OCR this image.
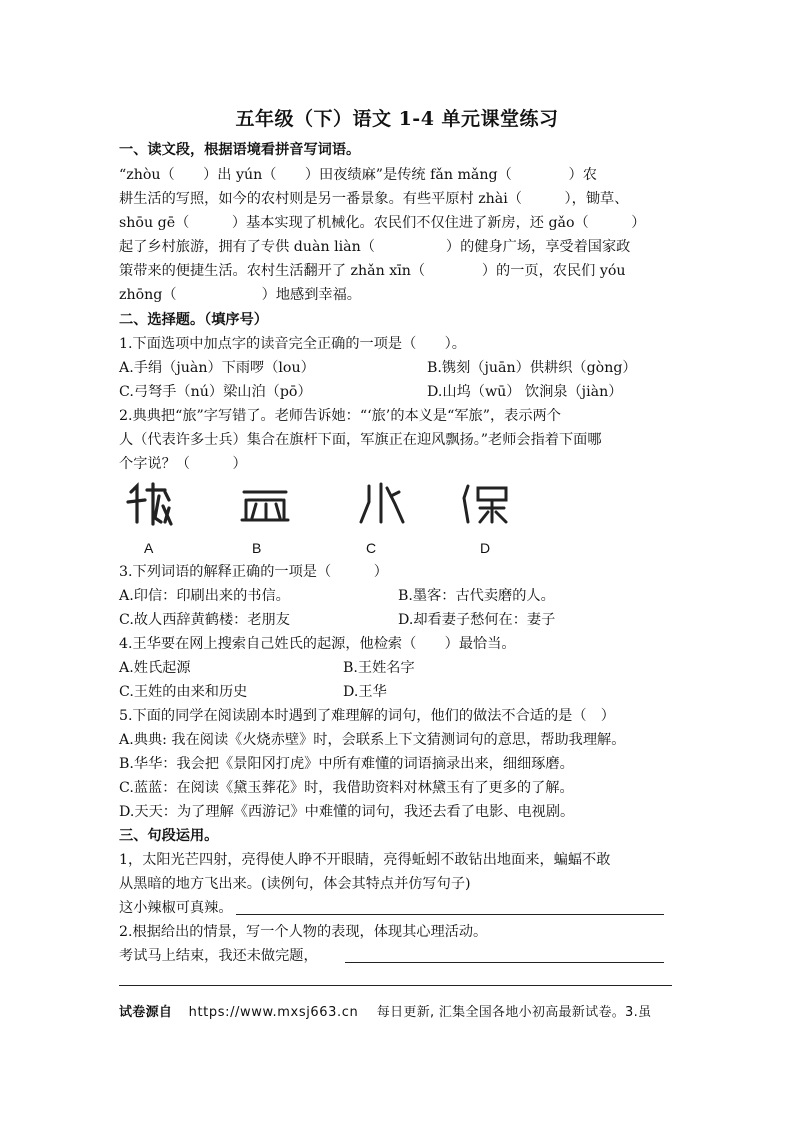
五年级（下）语文 1-4 单元课堂练习
一、读文段，根据语境看拼音写词语。
“zhòu（　　）出 yún（　　）田夜绩麻”是传统 fǎn mǎng（　　　　）农
耕生活的写照，如今的农村则是另一番景象。有些平原村 zhài（　　　），锄草、
shōu gē（　　　）基本实现了机械化。农民们不仅住进了新房，还 gǎo（　　　）
起了乡村旅游，拥有了专供 duàn liàn（　　　　　）的健身广场，享受着国家政
策带来的便捷生活。农村生活翻开了 zhǎn xīn（　　　　）的一页，农民们 yóu
zhōng（　　　　　　）地感到幸福。
二、选择题。（填序号）
1.下面选项中加点字的读音完全正确的一项是（　　）。
A.手绢（juàn）下雨啰（lou）	B.镌刻（juān）供耕织（gòng）
C.弓弩手（nú）梁山泊（pō）	D.山坞（wū） 饮涧泉（jiàn）
2.典典把“旅”字写错了。老师告诉她：“‘旅’的本义是“军旅”，表示两个
人（代表许多士兵）集合在旗杆下面，军旗正在迎风飘扬。”老师会指着下面哪
个字说？（　　　）
A	B	C	D
3.下列词语的解释正确的一项是（　　　）
A.印信：印刷出来的书信。	B.墨客：古代卖磨的人。
C.故人西辞黄鹤楼：老朋友	D.却看妻子愁何在：妻子
4.王华要在网上搜索自己姓氏的起源，他检索（　　）最恰当。
A.姓氏起源	B.王姓名字
C.王姓的由来和历史	D.王华
5.下面的同学在阅读剧本时遇到了难理解的词句，他们的做法不合适的是（　）
A.典典: 我在阅读《火烧赤壁》时，会联系上下文猜测词句的意思，帮助我理解。
B.华华：我会把《景阳冈打虎》中所有难懂的词语摘录出来，细细琢磨。
C.蓝蓝：在阅读《黛玉葬花》时，我借助资料对林黛玉有了更多的了解。
D.天天：为了理解《西游记》中难懂的词句，我还去看了电影、电视剧。
三、句段运用。
1，太阳光芒四射，亮得使人睁不开眼睛，亮得蚯蚓不敢钻出地面来，蝙蝠不敢
从黑暗的地方飞出来。(读例句，体会其特点并仿写句子)
这小辣椒可真辣。
2.根据给出的情景，写一个人物的表现，体现其心理活动。
考试马上结束，我还未做完题，
试卷源自 https://www.mxsj663.cn 每日更新, 汇集全国各地小初高最新试卷。3.虽
